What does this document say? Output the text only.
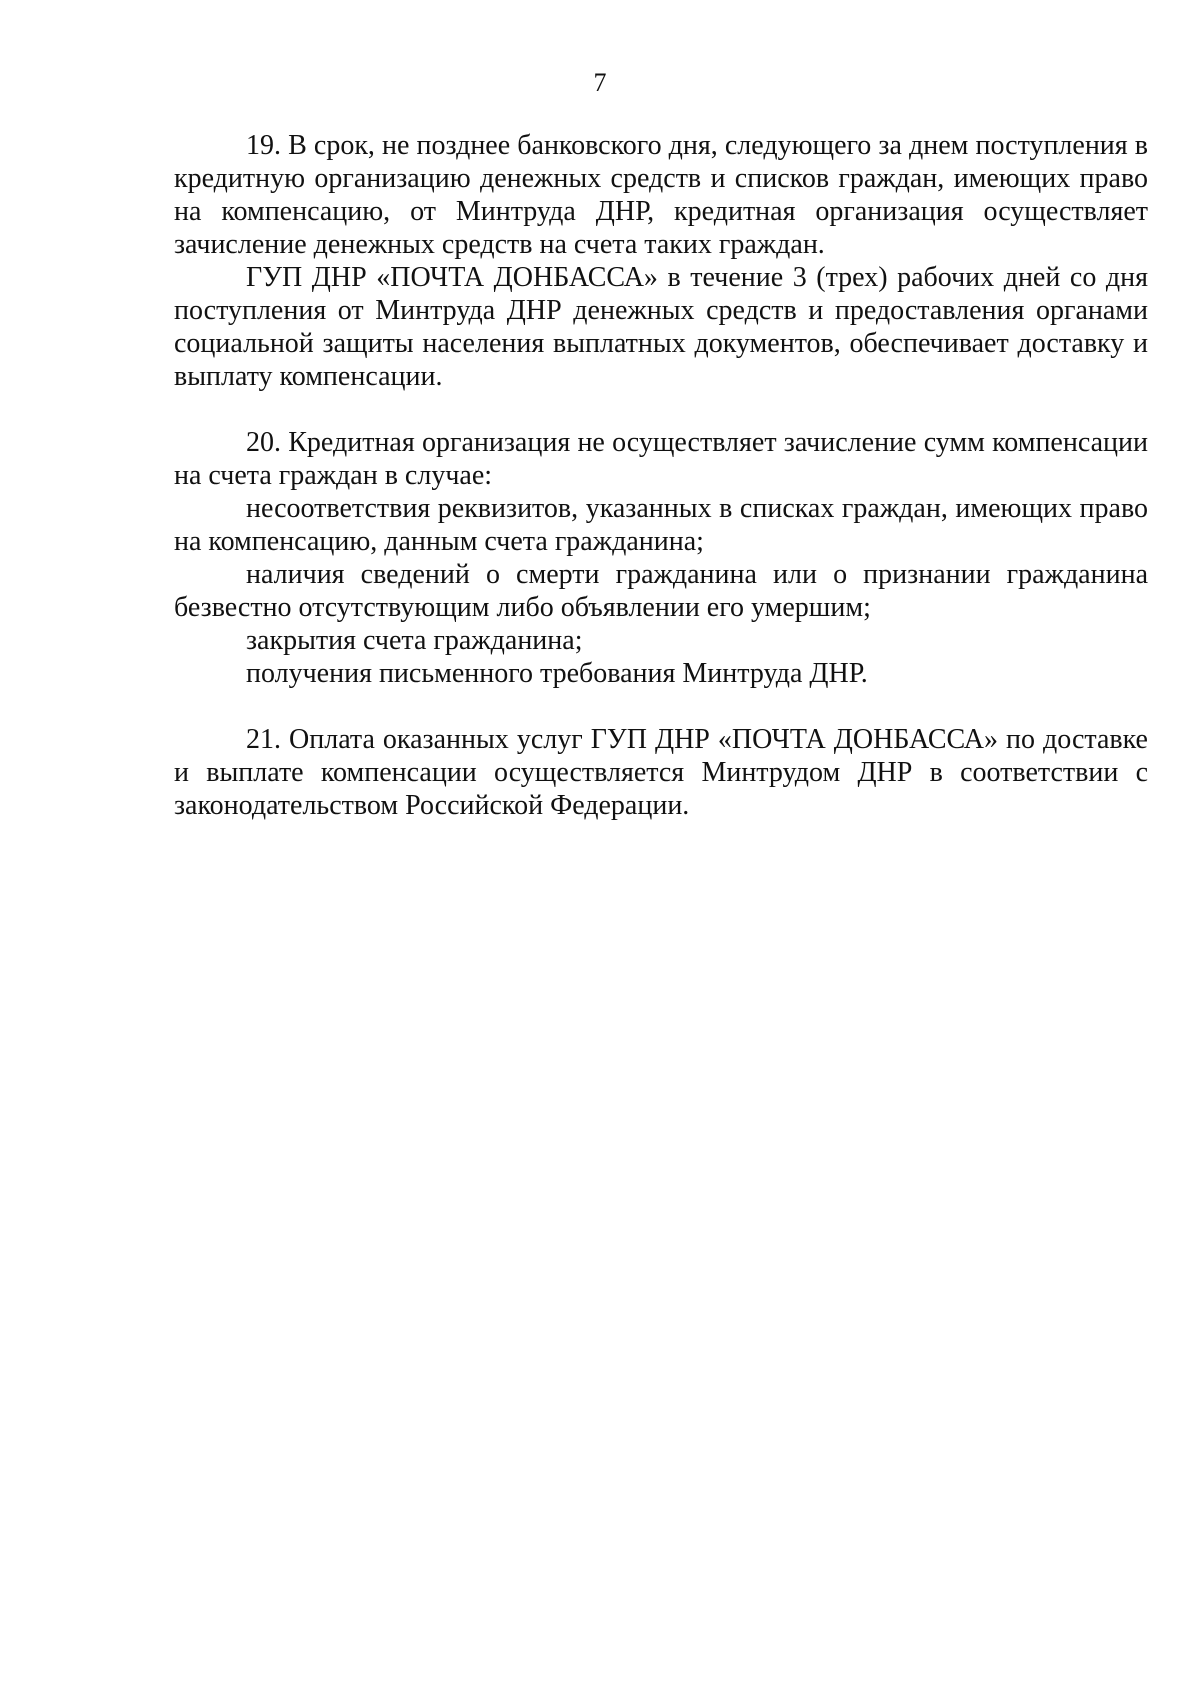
7

19. В срок, не позднее банковского дня, следующего за днем поступления в кредитную организацию денежных средств и списков граждан, имеющих право на компенсацию, от Минтруда ДНР, кредитная организация осуществляет зачисление денежных средств на счета таких граждан.

ГУП ДНР «ПОЧТА ДОНБАССА» в течение 3 (трех) рабочих дней со дня поступления от Минтруда ДНР денежных средств и предоставления органами социальной защиты населения выплатных документов, обеспечивает доставку и выплату компенсации.

20. Кредитная организация не осуществляет зачисление сумм компенсации на счета граждан в случае:

несоответствия реквизитов, указанных в списках граждан, имеющих право на компенсацию, данным счета гражданина;

наличия сведений о смерти гражданина или о признании гражданина безвестно отсутствующим либо объявлении его умершим;

закрытия счета гражданина;

получения письменного требования Минтруда ДНР.

21. Оплата оказанных услуг ГУП ДНР «ПОЧТА ДОНБАССА» по доставке и выплате компенсации осуществляется Минтрудом ДНР в соответствии с законодательством Российской Федерации.
